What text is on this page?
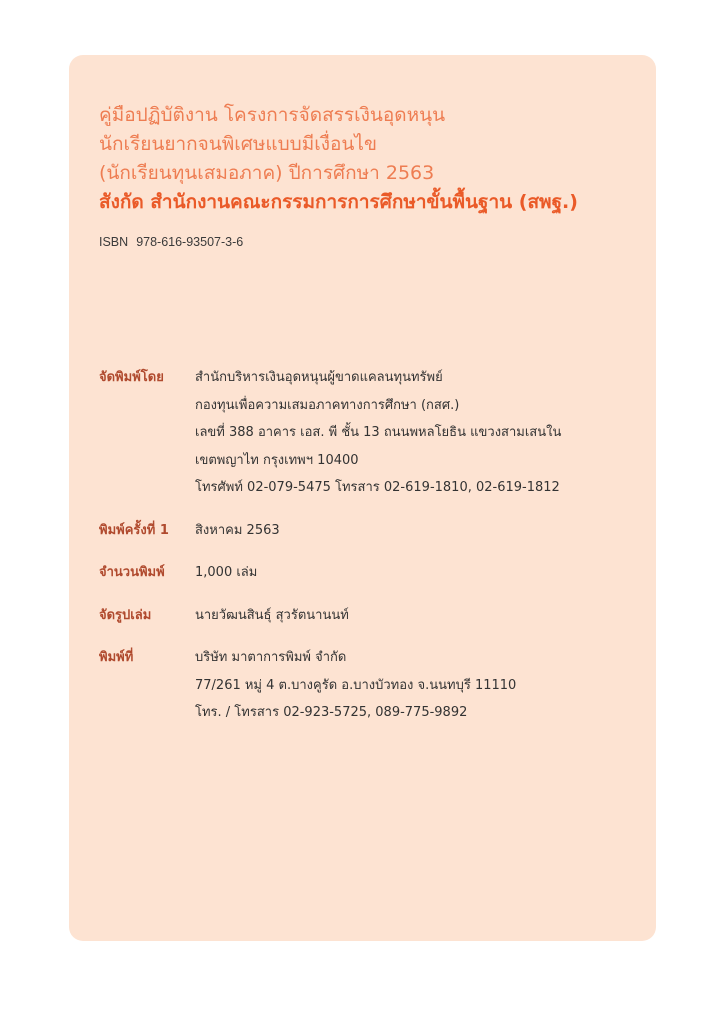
คู่มือปฏิบัติงาน โครงการจัดสรรเงินอุดหนุน
นักเรียนยากจนพิเศษแบบมีเงื่อนไข
(นักเรียนทุนเสมอภาค) ปีการศึกษา 2563
สังกัด สำนักงานคณะกรรมการการศึกษาขั้นพื้นฐาน (สพฐ.)
ISBN 978-616-93507-3-6
จัดพิมพ์โดย	สำนักบริหารเงินอุดหนุนผู้ขาดแคลนทุนทรัพย์
กองทุนเพื่อความเสมอภาคทางการศึกษา (กสศ.)
เลขที่ 388 อาคาร เอส. พี ชั้น 13 ถนนพหลโยธิน แขวงสามเสนใน
เขตพญาไท กรุงเทพฯ 10400
โทรศัพท์ 02-079-5475 โทรสาร 02-619-1810, 02-619-1812
พิมพ์ครั้งที่ 1	สิงหาคม 2563
จำนวนพิมพ์	1,000 เล่ม
จัดรูปเล่ม	นายวัฒนสินธุ์ สุวรัตนานนท์
พิมพ์ที่	บริษัท มาตาการพิมพ์ จำกัด
77/261 หมู่ 4 ต.บางคูรัด อ.บางบัวทอง จ.นนทบุรี 11110
โทร. / โทรสาร 02-923-5725, 089-775-9892
